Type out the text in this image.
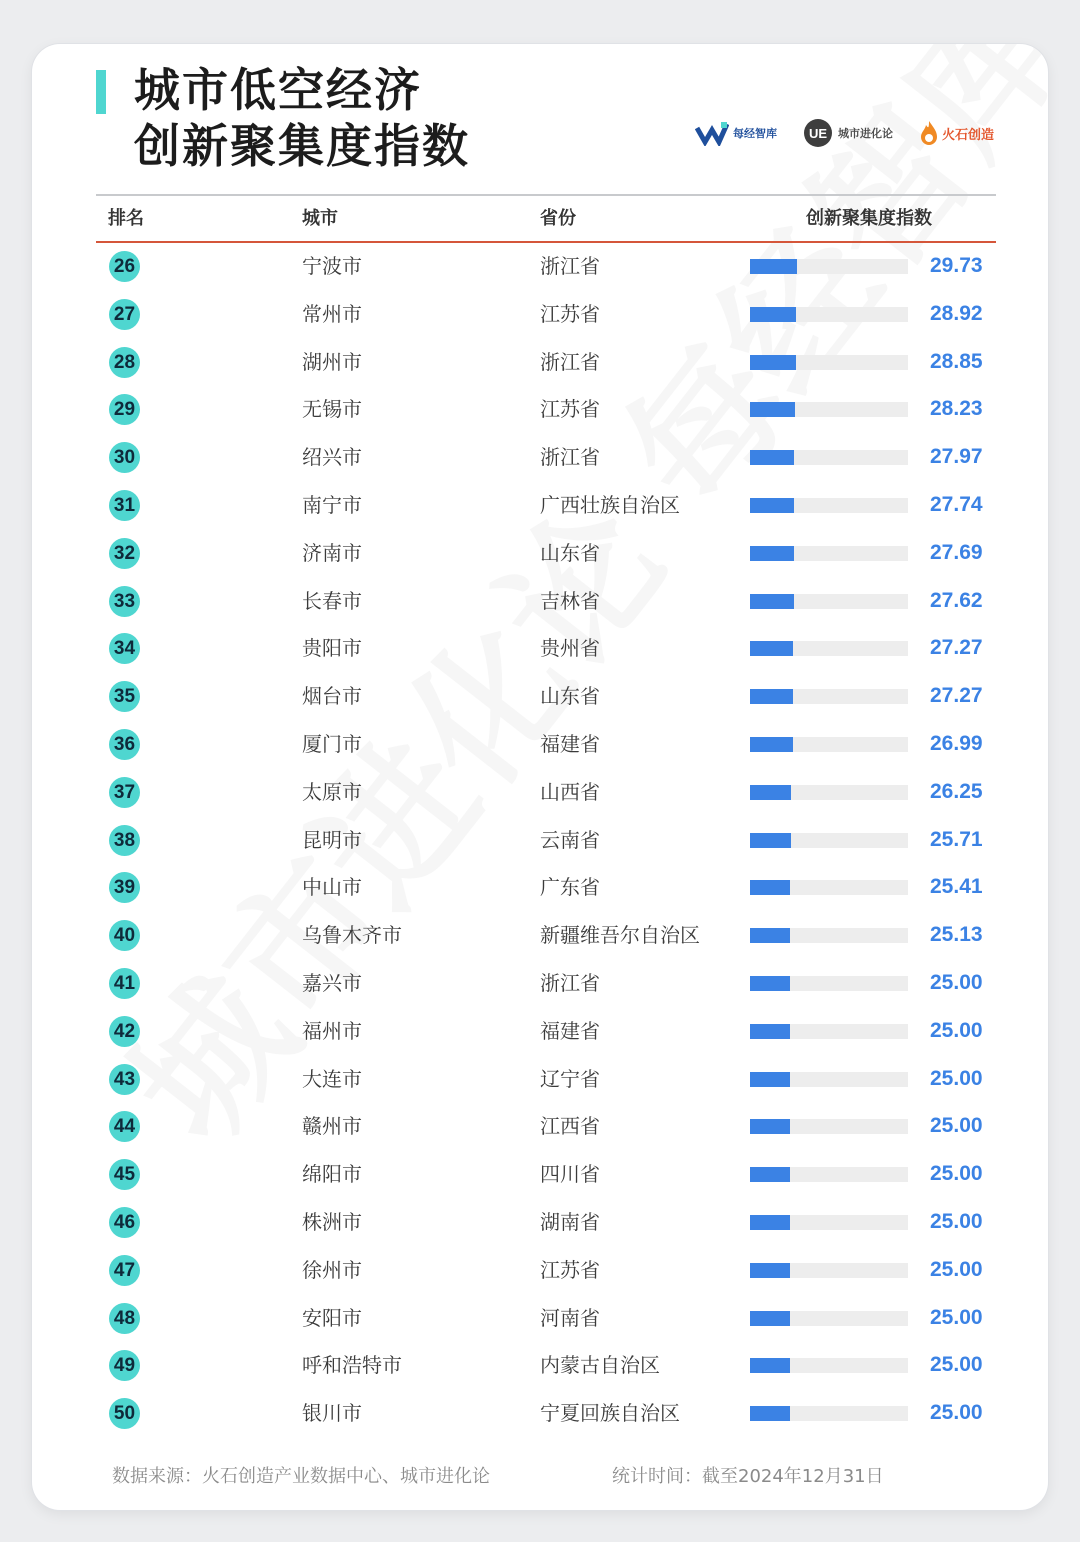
城市低空经济
创新聚集度指数	每经智库 UE 城市进化论	火石创造
排名	城市	省份	创新聚集度指数
26	宁波市	浙江省	29.73
27	常州市	江苏省	28.92
28	湖州市	浙江省	28.85
29	无锡市	江苏省	28.23
30	绍兴市	浙江省	27.97
31	南宁市	广西壮族自治区	27.74
32	济南市	山东省	27.69
33	长春市	吉林省	27.62
34	贵阳市	贵州省	27.27
35	烟台市	山东省	27.27
36	厦门市	福建省	26.99
37	太原市	山西省	26.25
38	昆明市	云南省	25.71
39	中山市	广东省	25.41
40	乌鲁木齐市	新疆维吾尔自治区	25.13
41	嘉兴市	浙江省	25.00
42	福州市	福建省	25.00
43	大连市	辽宁省	25.00
44	赣州市	江西省	25.00
45	绵阳市	四川省	25.00
46	株洲市	湖南省	25.00
47	徐州市	江苏省	25.00
48	安阳市	河南省	25.00
49	呼和浩特市	内蒙古自治区	25.00
50	银川市	宁夏回族自治区	25.00
数据来源：火石创造产业数据中心、城市进化论	统计时间：截至2024年12月31日
